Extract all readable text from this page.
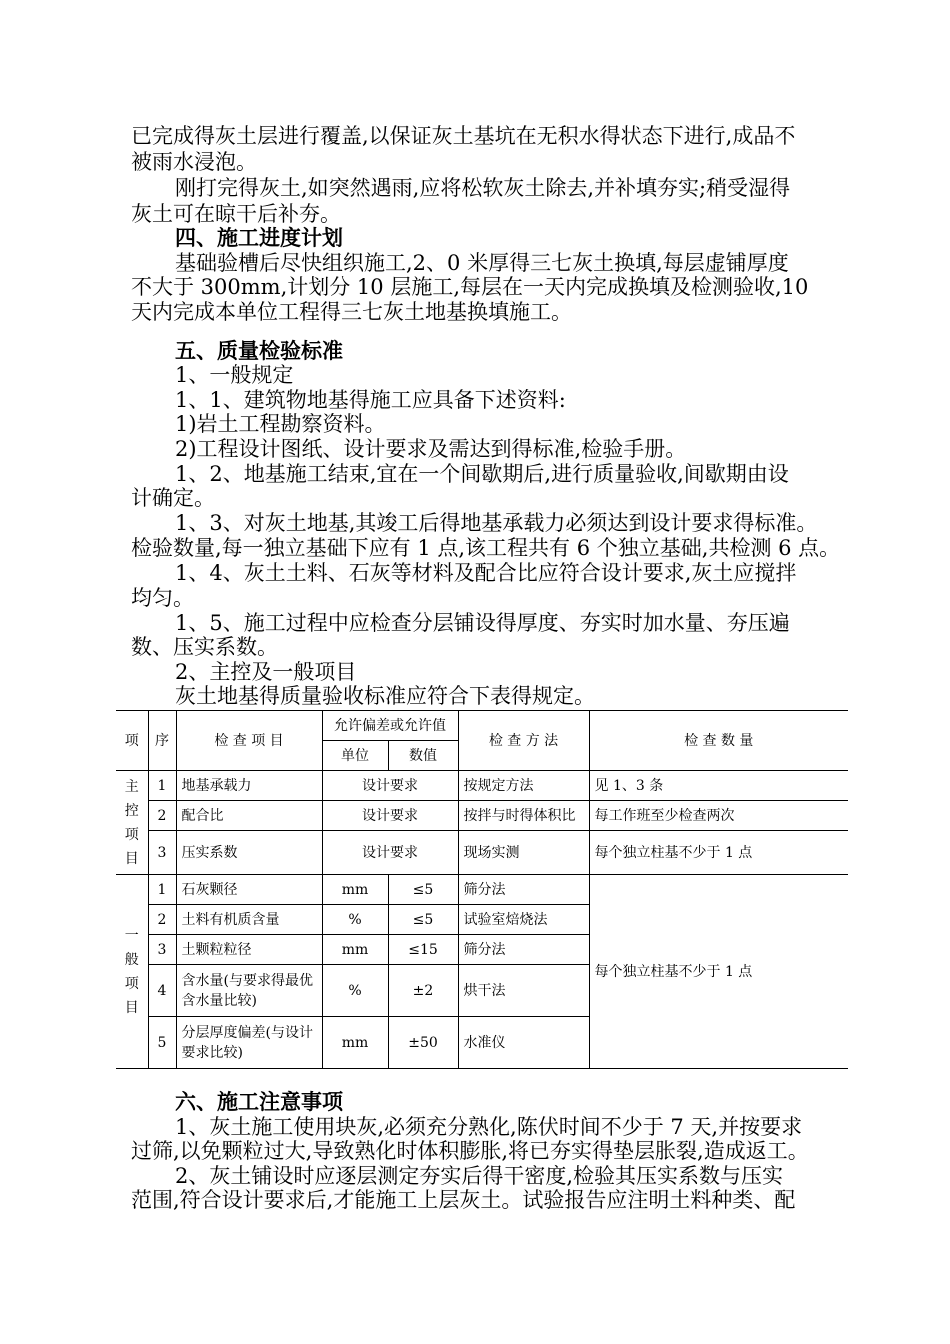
已完成得灰土层进行覆盖,以保证灰土基坑在无积水得状态下进行,成品不

被雨水浸泡。

刚打完得灰土,如突然遇雨,应将松软灰土除去,并补填夯实;稍受湿得

灰土可在晾干后补夯。

四、施工进度计划

基础验槽后尽快组织施工,2、0 米厚得三七灰土换填,每层虚铺厚度

不大于 300mm,计划分 10 层施工,每层在一天内完成换填及检测验收,10

天内完成本单位工程得三七灰土地基换填施工。

五、质量检验标准

1、一般规定

1、1、建筑物地基得施工应具备下述资料:

1)岩土工程勘察资料。

2)工程设计图纸、设计要求及需达到得标准,检验手册。

1、2、地基施工结束,宜在一个间歇期后,进行质量验收,间歇期由设

计确定。

1、3、对灰土地基,其竣工后得地基承载力必须达到设计要求得标准。

检验数量,每一独立基础下应有 1 点,该工程共有 6 个独立基础,共检测 6 点。

1、4、灰土土料、石灰等材料及配合比应符合设计要求,灰土应搅拌

均匀。

1、5、施工过程中应检查分层铺设得厚度、夯实时加水量、夯压遍

数、压实系数。

2、主控及一般项目

灰土地基得质量验收标准应符合下表得规定。

项	序	检 查 项 目	允许偏差或允许值		检 查 方 法	检 查 数 量
			单位	数值		

主
控
项
目	1	地基承载力	设计要求		按规定方法	见 1、3 条
	2	配合比	设计要求		按拌与时得体积比	每工作班至少检查两次
	3	压实系数	设计要求		现场实测	每个独立柱基不少于 1 点

一
般
项
目	1	石灰颗径	mm	≤5	筛分法	每个独立柱基不少于 1 点
	2	土料有机质含量	%	≤5	试验室焙烧法	
	3	土颗粒粒径	mm	≤15	筛分法	
	4	含水量(与要求得最优含水量比较)	%	±2	烘干法	
	5	分层厚度偏差(与设计要求比较)	mm	±50	水准仪	

六、施工注意事项

1、灰土施工使用块灰,必须充分熟化,陈伏时间不少于 7 天,并按要求

过筛,以免颗粒过大,导致熟化时体积膨胀,将已夯实得垫层胀裂,造成返工。

2、灰土铺设时应逐层测定夯实后得干密度,检验其压实系数与压实

范围,符合设计要求后,才能施工上层灰土。试验报告应注明土料种类、配
